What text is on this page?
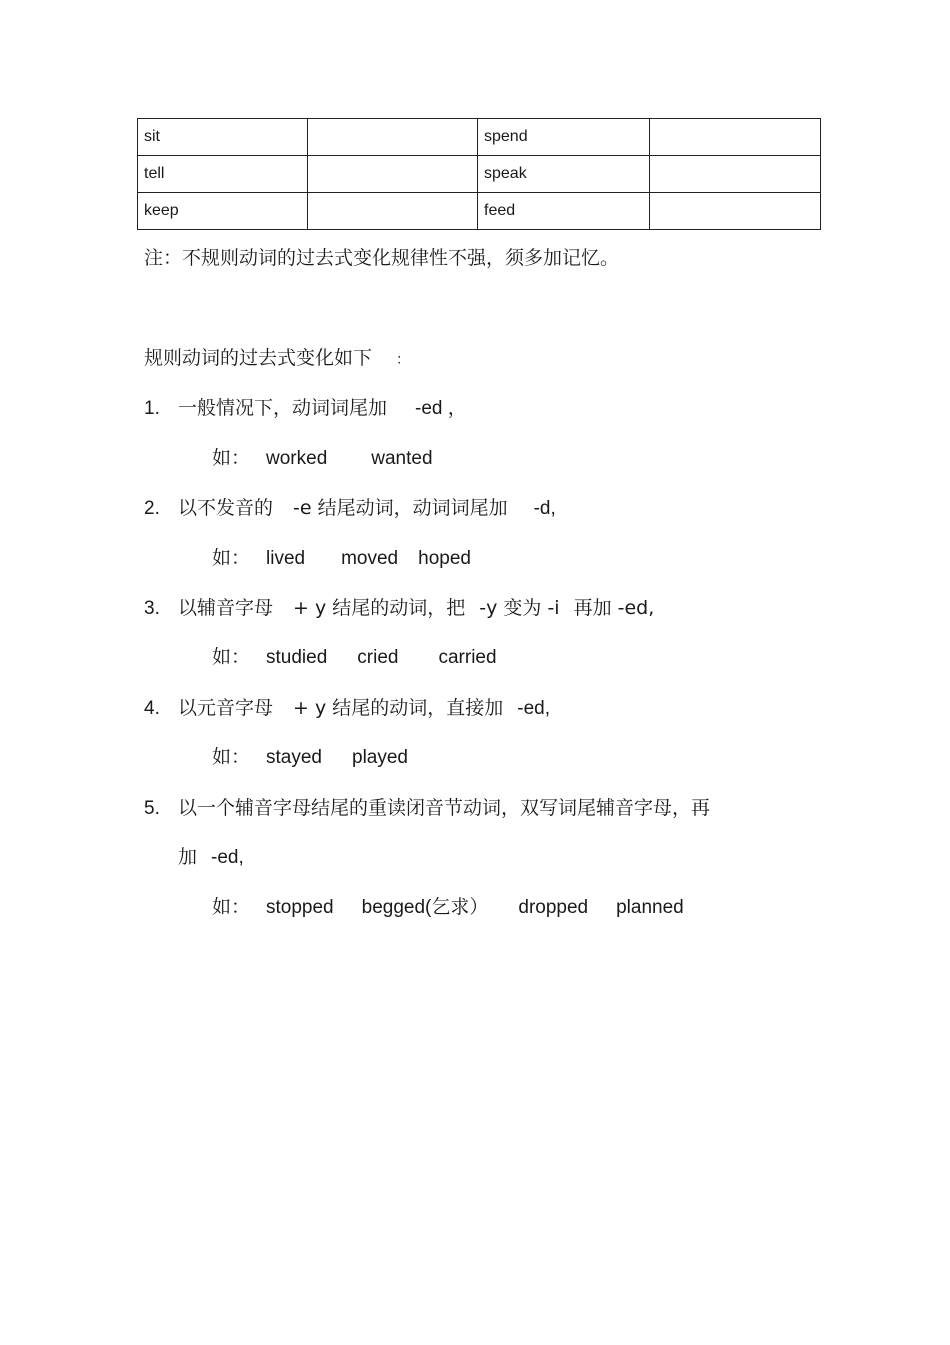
sit		spend	
tell		speak	
keep		feed	
注：不规则动词的过去式变化规律性不强，须多加记忆。
规则动词的过去式变化如下 ：
1. 一般情况下，动词词尾加 -ed ，
如： worked wanted
2. 以不发音的 -e 结尾动词，动词词尾加 -d,
如： lived moved hoped
3. 以辅音字母 + y 结尾的动词，把 -y 变为 -i 再加 -ed,
如： studied cried carried
4. 以元音字母 + y 结尾的动词，直接加 -ed,
如： stayed played
5. 以一个辅音字母结尾的重读闭音节动词，双写词尾辅音字母，再
加 -ed,
如： stopped begged(乞求） dropped planned
